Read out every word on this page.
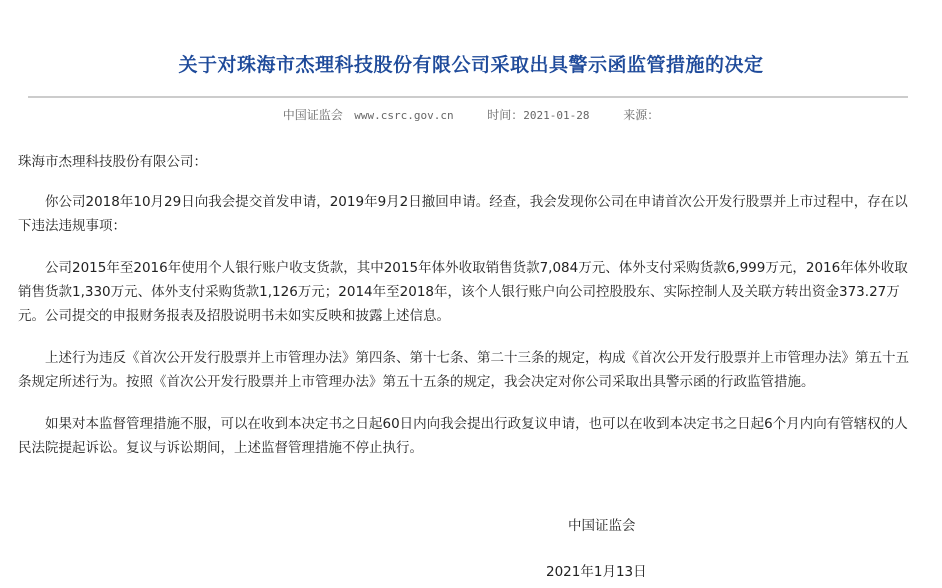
关于对珠海市杰理科技股份有限公司采取出具警示函监管措施的决定
中国证监会 www.csrc.gov.cn	时间：2021-01-28	来源：

珠海市杰理科技股份有限公司：

你公司2018年10月29日向我会提交首发申请，2019年9月2日撤回申请。经查，我会发现你公司在申请首次公开发行股票并上市过程中，存在以下违法违规事项：

公司2015年至2016年使用个人银行账户收支货款，其中2015年体外收取销售货款7,084万元、体外支付采购货款6,999万元，2016年体外收取销售货款1,330万元、体外支付采购货款1,126万元；2014年至2018年，该个人银行账户向公司控股股东、实际控制人及关联方转出资金373.27万元。公司提交的申报财务报表及招股说明书未如实反映和披露上述信息。

上述行为违反《首次公开发行股票并上市管理办法》第四条、第十七条、第二十三条的规定，构成《首次公开发行股票并上市管理办法》第五十五条规定所述行为。按照《首次公开发行股票并上市管理办法》第五十五条的规定，我会决定对你公司采取出具警示函的行政监管措施。

如果对本监督管理措施不服，可以在收到本决定书之日起60日内向我会提出行政复议申请，也可以在收到本决定书之日起6个月内向有管辖权的人民法院提起诉讼。复议与诉讼期间，上述监督管理措施不停止执行。

中国证监会
2021年1月13日
